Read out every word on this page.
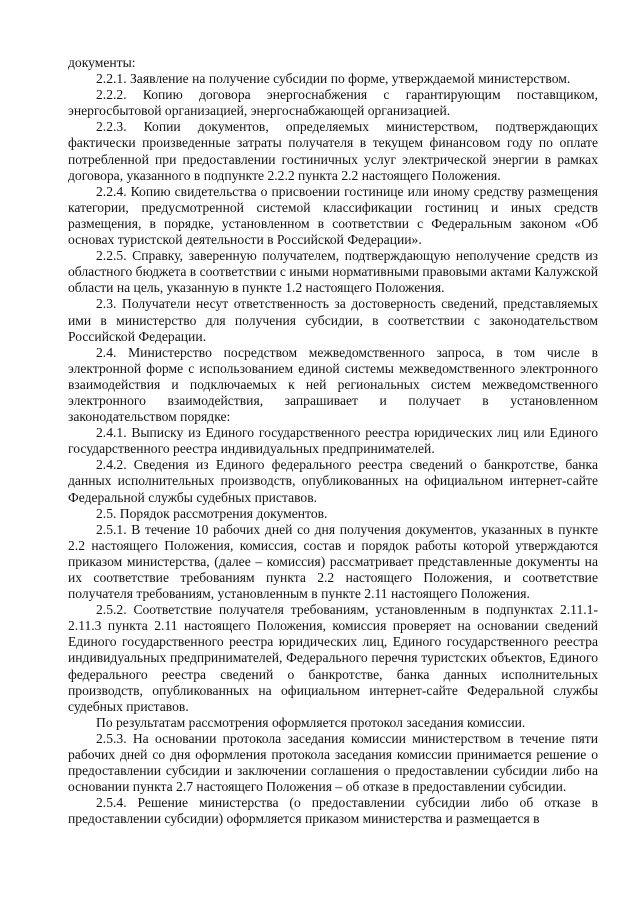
документы:

2.2.1. Заявление на получение субсидии по форме, утверждаемой министерством.

2.2.2. Копию договора энергоснабжения с гарантирующим поставщиком, энергосбытовой организацией, энергоснабжающей организацией.

2.2.3. Копии документов, определяемых министерством, подтверждающих фактически произведенные затраты получателя в текущем финансовом году по оплате потребленной при предоставлении гостиничных услуг электрической энергии в рамках договора, указанного в подпункте 2.2.2 пункта 2.2 настоящего Положения.

2.2.4. Копию свидетельства о присвоении гостинице или иному средству размещения категории, предусмотренной системой классификации гостиниц и иных средств размещения, в порядке, установленном в соответствии с Федеральным законом «Об основах туристской деятельности в Российской Федерации».

2.2.5. Справку, заверенную получателем, подтверждающую неполучение средств из областного бюджета в соответствии с иными нормативными правовыми актами Калужской области на цель, указанную в пункте 1.2 настоящего Положения.

2.3. Получатели несут ответственность за достоверность сведений, представляемых ими в министерство для получения субсидии, в соответствии с законодательством Российской Федерации.

2.4. Министерство посредством межведомственного запроса, в том числе в электронной форме с использованием единой системы межведомственного электронного взаимодействия и подключаемых к ней региональных систем межведомственного электронного взаимодействия, запрашивает и получает в установленном законодательством порядке:

2.4.1. Выписку из Единого государственного реестра юридических лиц или Единого государственного реестра индивидуальных предпринимателей.

2.4.2. Сведения из Единого федерального реестра сведений о банкротстве, банка данных исполнительных производств, опубликованных на официальном интернет-сайте Федеральной службы судебных приставов.

2.5. Порядок рассмотрения документов.

2.5.1. В течение 10 рабочих дней со дня получения документов, указанных в пункте 2.2 настоящего Положения, комиссия, состав и порядок работы которой утверждаются приказом министерства, (далее – комиссия) рассматривает представленные документы на их соответствие требованиям пункта 2.2 настоящего Положения, и соответствие получателя требованиям, установленным в пункте 2.11 настоящего Положения.

2.5.2. Соответствие получателя требованиям, установленным в подпунктах 2.11.1-2.11.3 пункта 2.11 настоящего Положения, комиссия проверяет на основании сведений Единого государственного реестра юридических лиц, Единого государственного реестра индивидуальных предпринимателей, Федерального перечня туристских объектов, Единого федерального реестра сведений о банкротстве, банка данных исполнительных производств, опубликованных на официальном интернет-сайте Федеральной службы судебных приставов.

По результатам рассмотрения оформляется протокол заседания комиссии.

2.5.3. На основании протокола заседания комиссии министерством в течение пяти рабочих дней со дня оформления протокола заседания комиссии принимается решение о предоставлении субсидии и заключении соглашения о предоставлении субсидии либо на основании пункта 2.7 настоящего Положения – об отказе в предоставлении субсидии.

2.5.4. Решение министерства (о предоставлении субсидии либо об отказе в предоставлении субсидии) оформляется приказом министерства и размещается в
